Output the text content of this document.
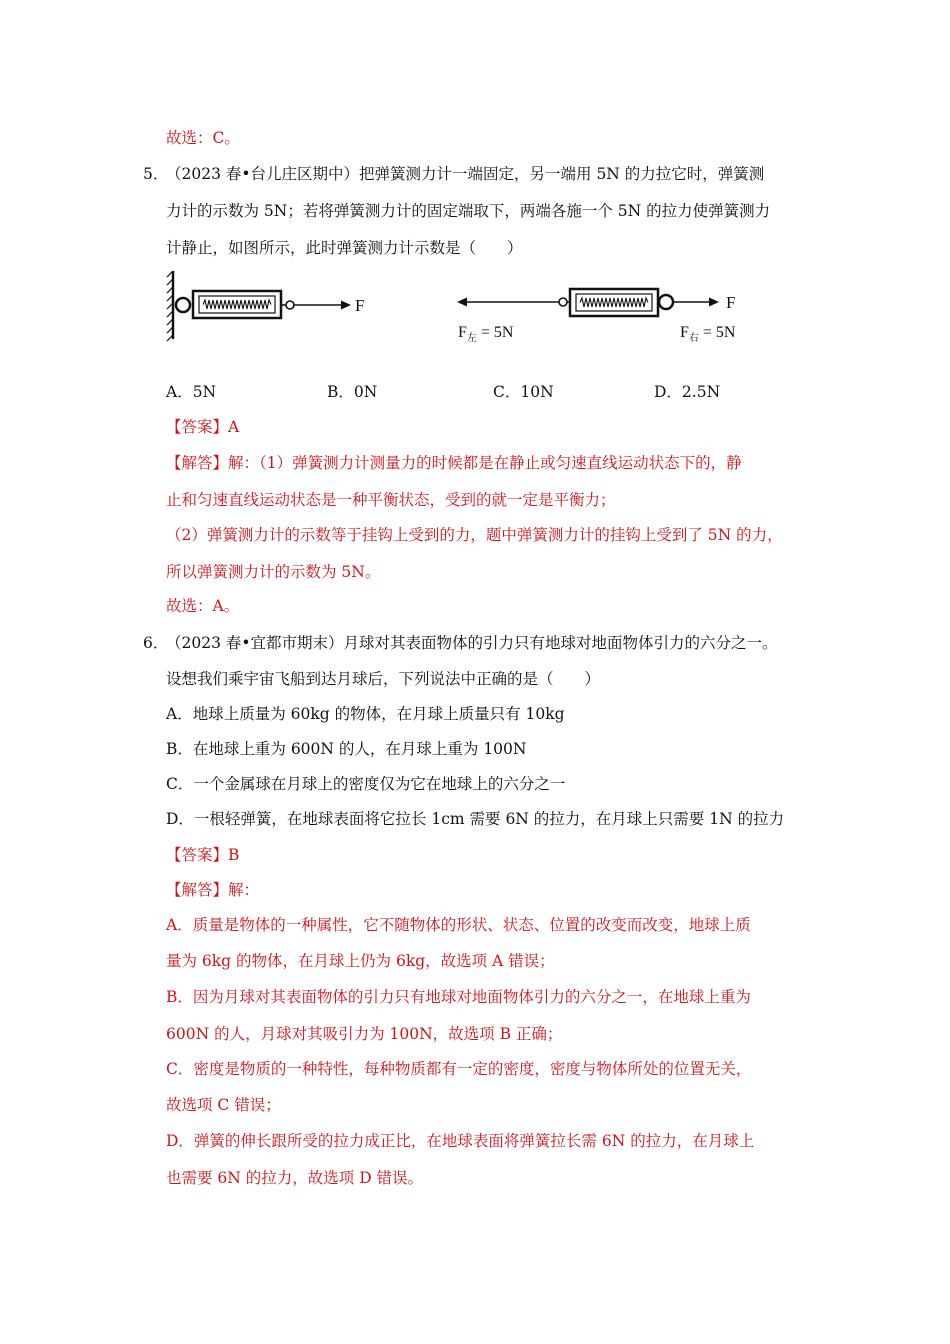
故选：C。
5．
（2023 春•台儿庄区期中）把弹簧测力计一端固定，另一端用 5N 的力拉它时，弹簧测
力计的示数为 5N；若将弹簧测力计的固定端取下，两端各施一个 5N 的拉力使弹簧测力
计静止，如图所示，此时弹簧测力计示数是（　　）
F	F
$F_左 = 5N$	$F_右 = 5N$
A．5N	B．0N	C．10N	D．2.5N
【答案】A
【解答】解：（1）弹簧测力计测量力的时候都是在静止或匀速直线运动状态下的，静
止和匀速直线运动状态是一种平衡状态，受到的就一定是平衡力；
（2）弹簧测力计的示数等于挂钩上受到的力，题中弹簧测力计的挂钩上受到了 5N 的力，
所以弹簧测力计的示数为 5N。
故选：A。
6．
（2023 春•宜都市期末）月球对其表面物体的引力只有地球对地面物体引力的六分之一。
设想我们乘宇宙飞船到达月球后，下列说法中正确的是（　　）
A．地球上质量为 60kg 的物体，在月球上质量只有 10kg
B．在地球上重为 600N 的人，在月球上重为 100N
C．一个金属球在月球上的密度仅为它在地球上的六分之一
D．一根轻弹簧，在地球表面将它拉长 1cm 需要 6N 的拉力，在月球上只需要 1N 的拉力
【答案】B
【解答】解：
A．质量是物体的一种属性，它不随物体的形状、状态、位置的改变而改变，地球上质
量为 6kg 的物体，在月球上仍为 6kg，故选项 A 错误；
B．因为月球对其表面物体的引力只有地球对地面物体引力的六分之一，在地球上重为
600N 的人，月球对其吸引力为 100N，故选项 B 正确；
C．密度是物质的一种特性，每种物质都有一定的密度，密度与物体所处的位置无关，
故选项 C 错误；
D．弹簧的伸长跟所受的拉力成正比，在地球表面将弹簧拉长需 6N 的拉力，在月球上
也需要 6N 的拉力，故选项 D 错误。
